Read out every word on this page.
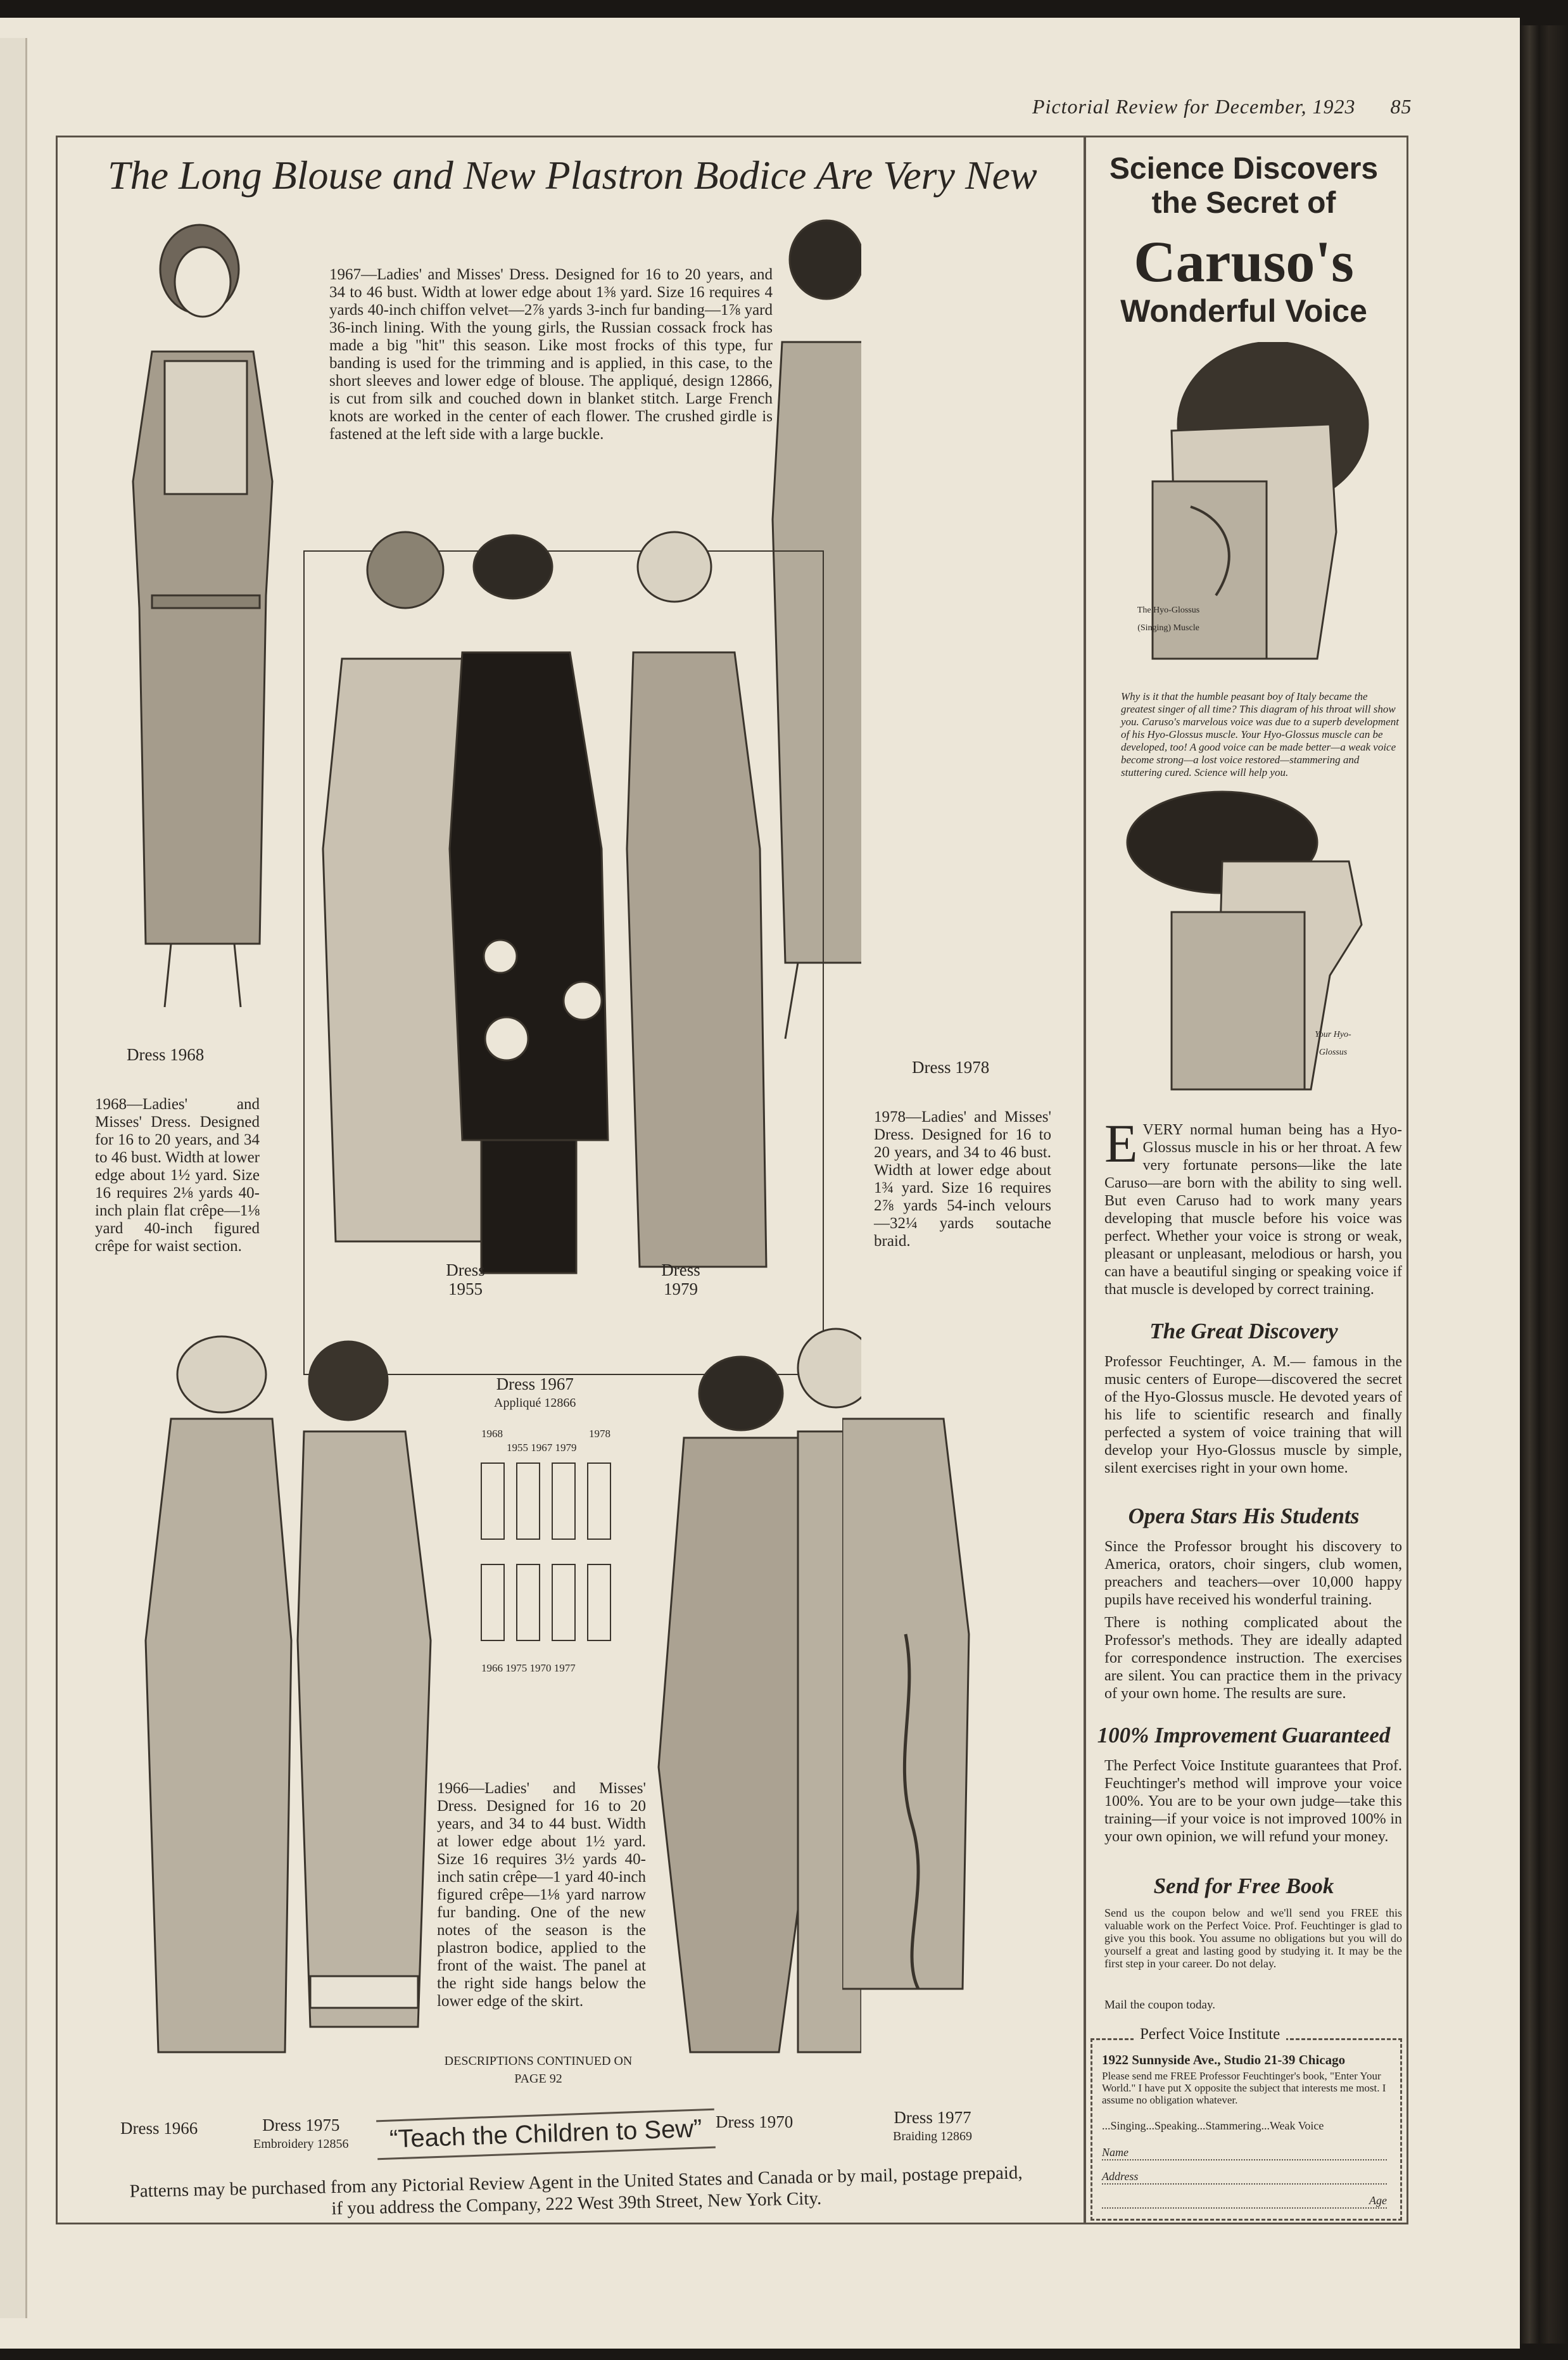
Pictorial Review for December, 1923 85
The Long Blouse and New Plastron Bodice Are Very New
1968	1978
1955 1967 1979
1966 1975 1970 1977
1967—Ladies' and Misses' Dress. Designed for 16 to 20 years, and 34 to 46 bust. Width at lower edge about 1⅜ yard. Size 16 requires 4 yards 40-inch chiffon velvet—2⅞ yards 3-inch fur banding—1⅞ yard 36-inch lining. With the young girls, the Russian cossack frock has made a big "hit" this season. Like most frocks of this type, fur banding is used for the trimming and is applied, in this case, to the short sleeves and lower edge of blouse. The appliqué, design 12866, is cut from silk and couched down in blanket stitch. Large French knots are worked in the center of each flower. The crushed girdle is fastened at the left side with a large buckle.
1968—Ladies' and Misses' Dress. Designed for 16 to 20 years, and 34 to 46 bust. Width at lower edge about 1½ yard. Size 16 requires 2⅛ yards 40-inch plain flat crêpe—1⅛ yard 40-inch figured crêpe for waist section.
1978—Ladies' and Misses' Dress. Designed for 16 to 20 years, and 34 to 46 bust. Width at lower edge about 1¾ yard. Size 16 requires 2⅞ yards 54-inch velours —32¼ yards soutache braid.
1966—Ladies' and Misses' Dress. Designed for 16 to 20 years, and 34 to 44 bust. Width at lower edge about 1½ yard. Size 16 requires 3½ yards 40-inch satin crêpe—1 yard 40-inch figured crêpe—1⅛ yard narrow fur banding. One of the new notes of the season is the plastron bodice, applied to the front of the waist. The panel at the right side hangs below the lower edge of the skirt.
DESCRIPTIONS CONTINUED ON PAGE 92
Dress 1968
Dress 1978
Dress 1955
Dress 1979
Dress 1967
Appliqué 12866
Dress 1966	Dress 1975
Embroidery 12856
Dress 1970	Dress 1977
Braiding 12869
“Teach the Children to Sew”
Patterns may be purchased from any Pictorial Review Agent in the United States and Canada or by mail, postage prepaid, if you address the Company, 222 West 39th Street, New York City.
Science Discovers the Secret of
Caruso's
Wonderful Voice
The Hyo-Glossus (Singing) Muscle
Why is it that the humble peasant boy of Italy became the greatest singer of all time? This diagram of his throat will show you. Caruso's marvelous voice was due to a superb development of his Hyo-Glossus muscle. Your Hyo-Glossus muscle can be developed, too! A good voice can be made better—a weak voice become strong—a lost voice restored—stammering and stuttering cured. Science will help you.
Your Hyo-Glossus
E VERY normal human being has a Hyo-Glossus muscle in his or her throat. A few very fortunate persons—like the late Caruso—are born with the ability to sing well. But even Caruso had to work many years developing that muscle before his voice was perfect. Whether your voice is strong or weak, pleasant or unpleasant, melodious or harsh, you can have a beautiful singing or speaking voice if that muscle is developed by correct training.
The Great Discovery
Professor Feuchtinger, A. M.— famous in the music centers of Europe—discovered the secret of the Hyo-Glossus muscle. He devoted years of his life to scientific research and finally perfected a system of voice training that will develop your Hyo-Glossus muscle by simple, silent exercises right in your own home.
Opera Stars His Students
Since the Professor brought his discovery to America, orators, choir singers, club women, preachers and teachers—over 10,000 happy pupils have received his wonderful training.
There is nothing complicated about the Professor's methods. They are ideally adapted for correspondence instruction. The exercises are silent. You can practice them in the privacy of your own home. The results are sure.
100% Improvement Guaranteed
The Perfect Voice Institute guarantees that Prof. Feuchtinger's method will improve your voice 100%. You are to be your own judge—take this training—if your voice is not improved 100% in your own opinion, we will refund your money.
Send for Free Book
Send us the coupon below and we'll send you FREE this valuable work on the Perfect Voice. Prof. Feuchtinger is glad to give you this book. You assume no obligations but you will do yourself a great and lasting good by studying it. It may be the first step in your career. Do not delay.
Mail the coupon today.
Perfect Voice Institute
1922 Sunnyside Ave., Studio 21-39 Chicago
Please send me FREE Professor Feuchtinger's book, "Enter Your World." I have put X opposite the subject that interests me most. I assume no obligation whatever.
...Singing...Speaking...Stammering...Weak Voice
Name
Address
Age
